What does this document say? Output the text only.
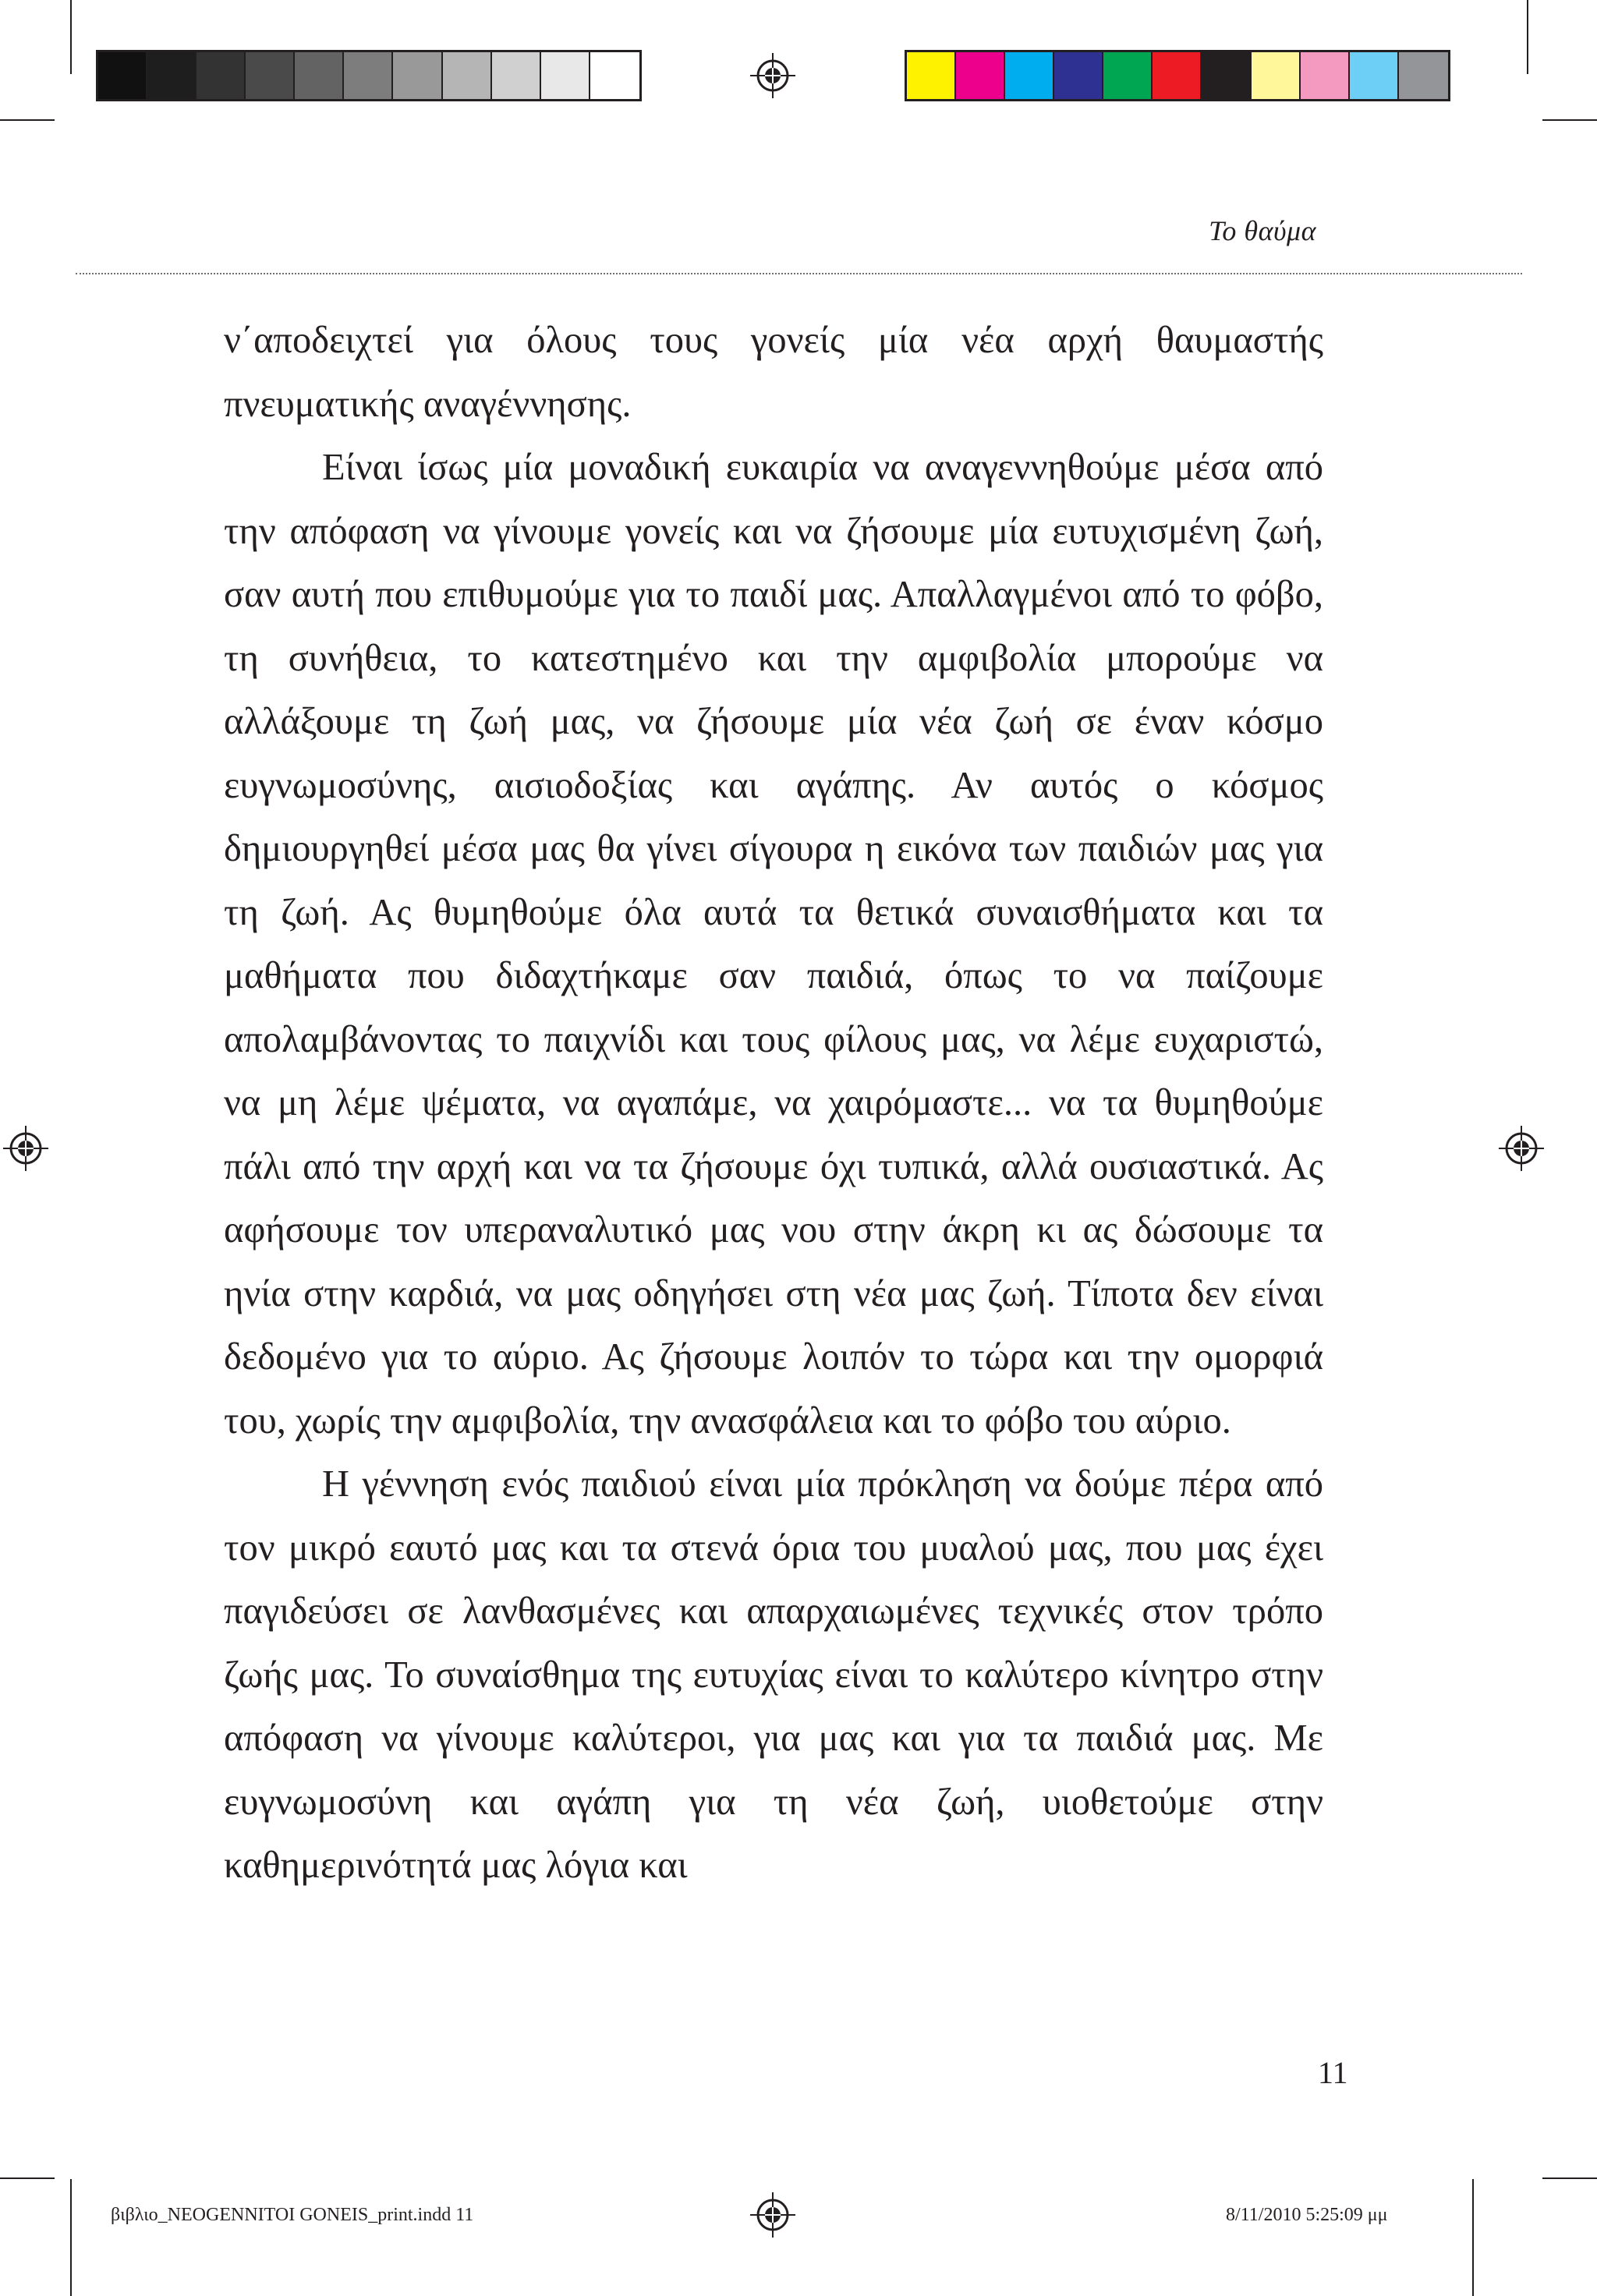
Το θαύμα

ν΄αποδειχτεί για όλους τους γονείς μία νέα αρχή θαυμαστής πνευματικής αναγέννησης.

Είναι ίσως μία μοναδική ευκαιρία να αναγεννηθούμε μέσα από την απόφαση να γίνουμε γονείς και να ζήσουμε μία ευτυχισμένη ζωή, σαν αυτή που επιθυμούμε για το παιδί μας. Απαλλαγμένοι από το φόβο, τη συνήθεια, το κατεστημένο και την αμφιβολία μπορούμε να αλλάξουμε τη ζωή μας, να ζήσουμε μία νέα ζωή σε έναν κόσμο ευγνωμοσύνης, αισιοδοξίας και αγάπης. Αν αυτός ο κόσμος δημιουργηθεί μέσα μας θα γίνει σίγουρα η εικόνα των παιδιών μας για τη ζωή. Ας θυμηθούμε όλα αυτά τα θετικά συναισθήματα και τα μαθήματα που διδαχτήκαμε σαν παιδιά, όπως το να παίζουμε απολαμβάνοντας το παιχνίδι και τους φίλους μας, να λέμε ευχαριστώ, να μη λέμε ψέματα, να αγαπάμε, να χαιρόμαστε... να τα θυμηθούμε πάλι από την αρχή και να τα ζήσουμε όχι τυπικά, αλλά ουσιαστικά. Ας αφήσουμε τον υπεραναλυτικό μας νου στην άκρη κι ας δώσουμε τα ηνία στην καρδιά, να μας οδηγήσει στη νέα μας ζωή. Τίποτα δεν είναι δεδομένο για το αύριο. Ας ζήσουμε λοιπόν το τώρα και την ομορφιά του, χωρίς την αμφιβολία, την ανασφάλεια και το φόβο του αύριο.

Η γέννηση ενός παιδιού είναι μία πρόκληση να δούμε πέρα από τον μικρό εαυτό μας και τα στενά όρια του μυαλού μας, που μας έχει παγιδεύσει σε λανθασμένες και απαρχαιωμένες τεχνικές στον τρόπο ζωής μας. Το συναίσθημα της ευτυχίας είναι το καλύτερο κίνητρο στην απόφαση να γίνουμε καλύτεροι, για μας και για τα παιδιά μας. Με ευγνωμοσύνη και αγάπη για τη νέα ζωή, υιοθετούμε στην καθημερινότητά μας λόγια και

11
βιβλιο_NEOGENNITOI GONEIS_print.indd 11	8/11/2010 5:25:09 μμ
